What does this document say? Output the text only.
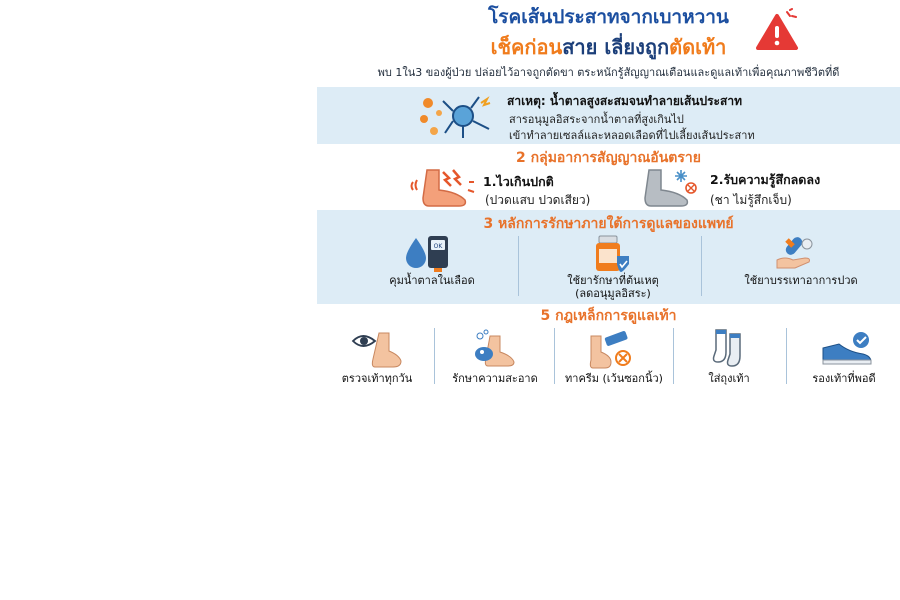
โรคเส้นประสาทจากเบาหวาน
เช็คก่อนสาย เลี่ยงถูกตัดเท้า
พบ 1ใน3 ของผู้ป่วย ปล่อยไว้อาจถูกตัดขา ตระหนักรู้สัญญาณเตือนและดูแลเท้าเพื่อคุณภาพชีวิตที่ดี
สาเหตุ: น้ำตาลสูงสะสมจนทำลายเส้นประสาท
สารอนุมูลอิสระจากน้ำตาลที่สูงเกินไป
เข้าทำลายเซลล์และหลอดเลือดที่ไปเลี้ยงเส้นประสาท
2 กลุ่มอาการสัญญาณอันตราย
1.ไวเกินปกติ
(ปวดแสบ ปวดเสียว)
2.รับความรู้สึกลดลง
(ชา ไม่รู้สึกเจ็บ)
3 หลักการรักษาภายใต้การดูแลของแพทย์
OK
คุมน้ำตาลในเลือด	ใช้ยารักษาที่ต้นเหตุ
(ลดอนุมูลอิสระ)
ใช้ยาบรรเทาอาการปวด
5 กฎเหล็กการดูแลเท้า
ตรวจเท้าทุกวัน	รักษาความสะอาด	ทาครีม (เว้นซอกนิ้ว)	ใส่ถุงเท้า	รองเท้าที่พอดี
